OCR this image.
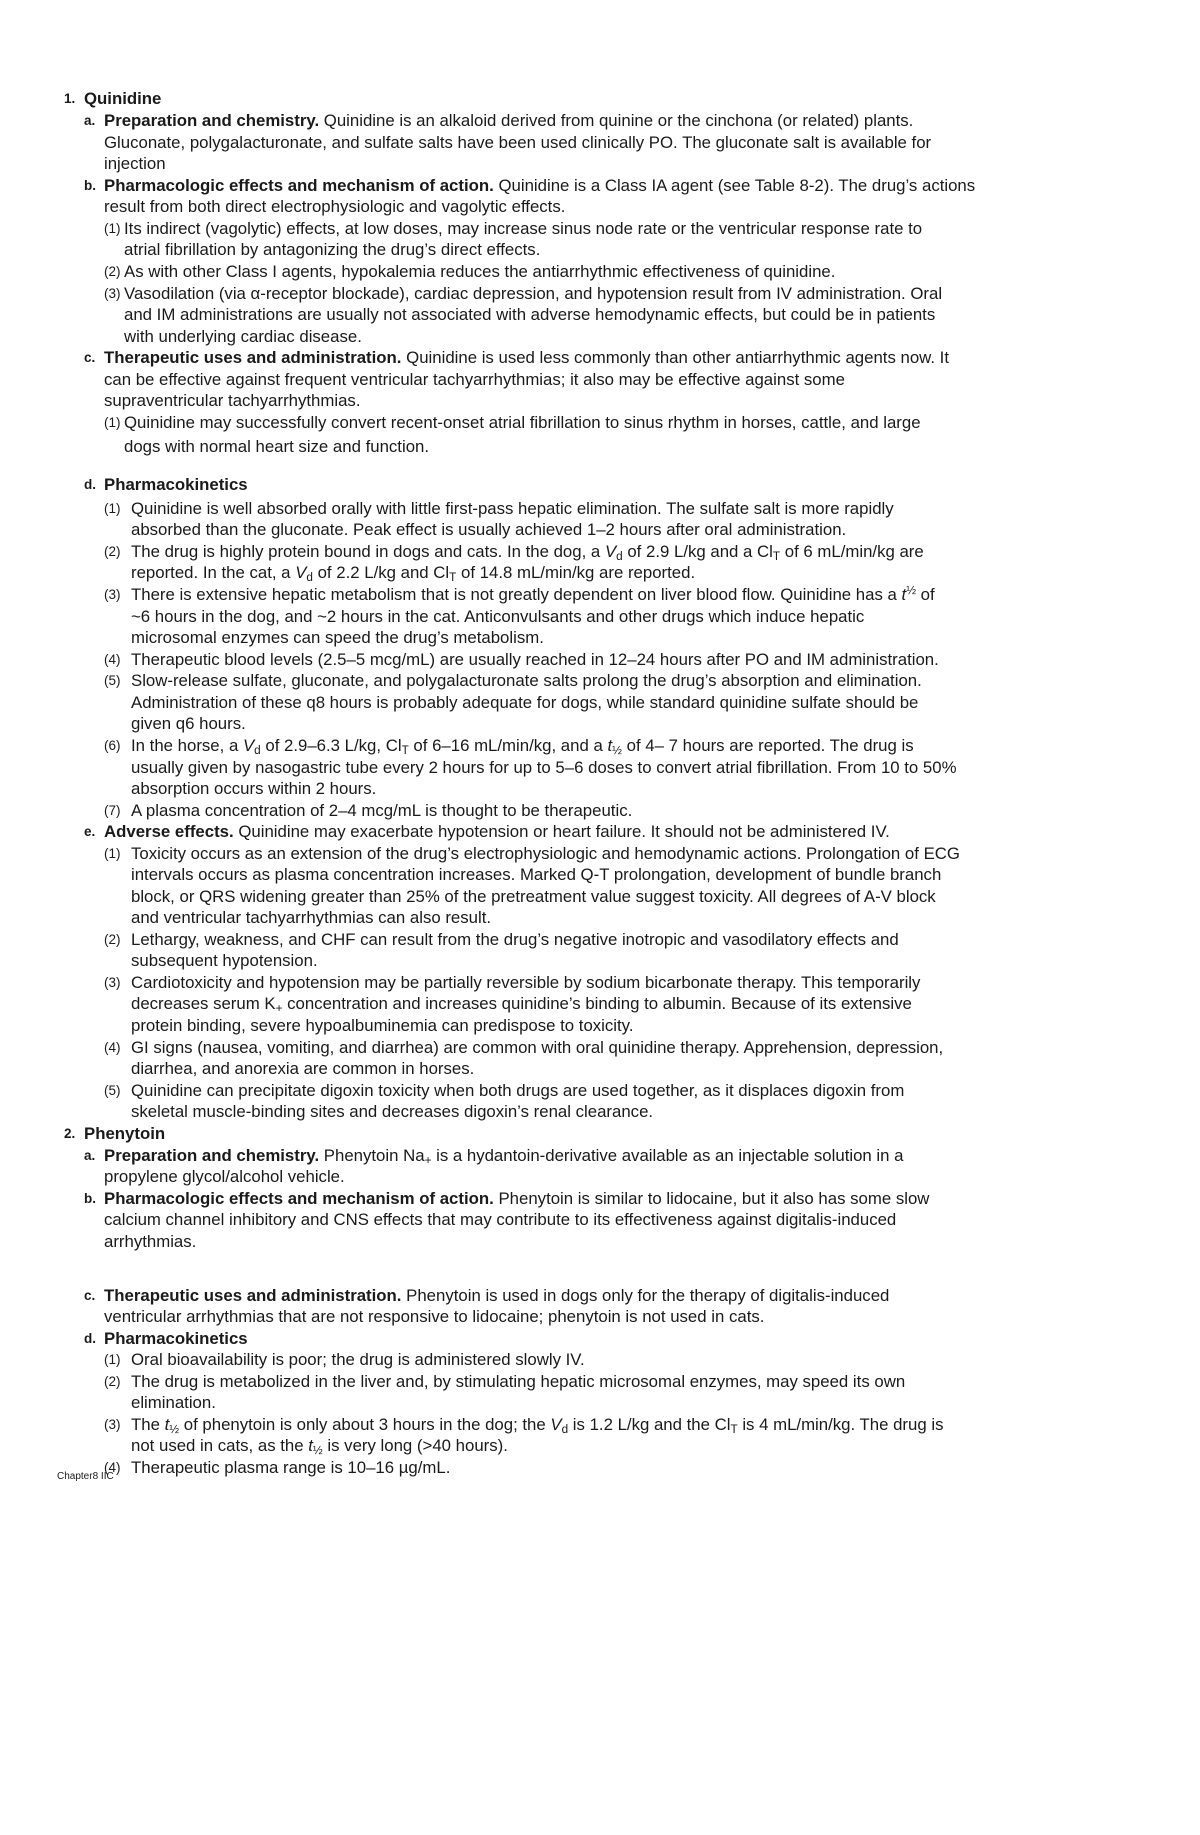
1. Quinidine
a. Preparation and chemistry. Quinidine is an alkaloid derived from quinine or the cinchona (or related) plants.
Gluconate, polygalacturonate, and sulfate salts have been used clinically PO. The gluconate salt is available for
injection
b. Pharmacologic effects and mechanism of action. Quinidine is a Class IA agent (see Table 8-2). The drug’s actions
result from both direct electrophysiologic and vagolytic effects.
(1) Its indirect (vagolytic) effects, at low doses, may increase sinus node rate or the ventricular response rate to
atrial fibrillation by antagonizing the drug’s direct effects.
(2) As with other Class I agents, hypokalemia reduces the antiarrhythmic effectiveness of quinidine.
(3) Vasodilation (via α-receptor blockade), cardiac depression, and hypotension result from IV administration. Oral
and IM administrations are usually not associated with adverse hemodynamic effects, but could be in patients
with underlying cardiac disease.
c. Therapeutic uses and administration. Quinidine is used less commonly than other antiarrhythmic agents now. It
can be effective against frequent ventricular tachyarrhythmias; it also may be effective against some
supraventricular tachyarrhythmias.
(1) Quinidine may successfully convert recent-onset atrial fibrillation to sinus rhythm in horses, cattle, and large
dogs with normal heart size and function.
d. Pharmacokinetics
(1) Quinidine is well absorbed orally with little first-pass hepatic elimination. The sulfate salt is more rapidly
absorbed than the gluconate. Peak effect is usually achieved 1–2 hours after oral administration.
(2) The drug is highly protein bound in dogs and cats. In the dog, a $V_d$ of 2.9 L/kg and a $Cl_T$ of 6 mL/min/kg are
reported. In the cat, a $V_d$ of 2.2 L/kg and $Cl_T$ of 14.8 mL/min/kg are reported.
(3) There is extensive hepatic metabolism that is not greatly dependent on liver blood flow. Quinidine has a $t^{\frac{1}{2}}$ of
~6 hours in the dog, and ~2 hours in the cat. Anticonvulsants and other drugs which induce hepatic
microsomal enzymes can speed the drug’s metabolism.
(4) Therapeutic blood levels (2.5–5 mcg/mL) are usually reached in 12–24 hours after PO and IM administration.
(5) Slow-release sulfate, gluconate, and polygalacturonate salts prolong the drug’s absorption and elimination.
Administration of these q8 hours is probably adequate for dogs, while standard quinidine sulfate should be
given q6 hours.
(6) In the horse, a $V_d$ of 2.9–6.3 L/kg, $Cl_T$ of 6–16 mL/min/kg, and a $t_{\frac{1}{2}}$ of 4– 7 hours are reported. The drug is
usually given by nasogastric tube every 2 hours for up to 5–6 doses to convert atrial fibrillation. From 10 to 50%
absorption occurs within 2 hours.
(7) A plasma concentration of 2–4 mcg/mL is thought to be therapeutic.
e. Adverse effects. Quinidine may exacerbate hypotension or heart failure. It should not be administered IV.
(1) Toxicity occurs as an extension of the drug’s electrophysiologic and hemodynamic actions. Prolongation of ECG
intervals occurs as plasma concentration increases. Marked Q-T prolongation, development of bundle branch
block, or QRS widening greater than 25% of the pretreatment value suggest toxicity. All degrees of A-V block
and ventricular tachyarrhythmias can also result.
(2) Lethargy, weakness, and CHF can result from the drug’s negative inotropic and vasodilatory effects and
subsequent hypotension.
(3) Cardiotoxicity and hypotension may be partially reversible by sodium bicarbonate therapy. This temporarily
decreases serum $K_+$ concentration and increases quinidine’s binding to albumin. Because of its extensive
protein binding, severe hypoalbuminemia can predispose to toxicity.
(4) GI signs (nausea, vomiting, and diarrhea) are common with oral quinidine therapy. Apprehension, depression,
diarrhea, and anorexia are common in horses.
(5) Quinidine can precipitate digoxin toxicity when both drugs are used together, as it displaces digoxin from
skeletal muscle-binding sites and decreases digoxin’s renal clearance.
2. Phenytoin
a. Preparation and chemistry. Phenytoin $Na_+$ is a hydantoin-derivative available as an injectable solution in a
propylene glycol/alcohol vehicle.
b. Pharmacologic effects and mechanism of action. Phenytoin is similar to lidocaine, but it also has some slow
calcium channel inhibitory and CNS effects that may contribute to its effectiveness against digitalis-induced
arrhythmias.
Chapter8 IIC
c. Therapeutic uses and administration. Phenytoin is used in dogs only for the therapy of digitalis-induced
ventricular arrhythmias that are not responsive to lidocaine; phenytoin is not used in cats.
d. Pharmacokinetics
(1) Oral bioavailability is poor; the drug is administered slowly IV.
(2) The drug is metabolized in the liver and, by stimulating hepatic microsomal enzymes, may speed its own
elimination.
(3) The $t_{\frac{1}{2}}$ of phenytoin is only about 3 hours in the dog; the $V_d$ is 1.2 L/kg and the $Cl_T$ is 4 mL/min/kg. The drug is
not used in cats, as the $t_{\frac{1}{2}}$ is very long (>40 hours).
(4) Therapeutic plasma range is 10–16 µg/mL.
